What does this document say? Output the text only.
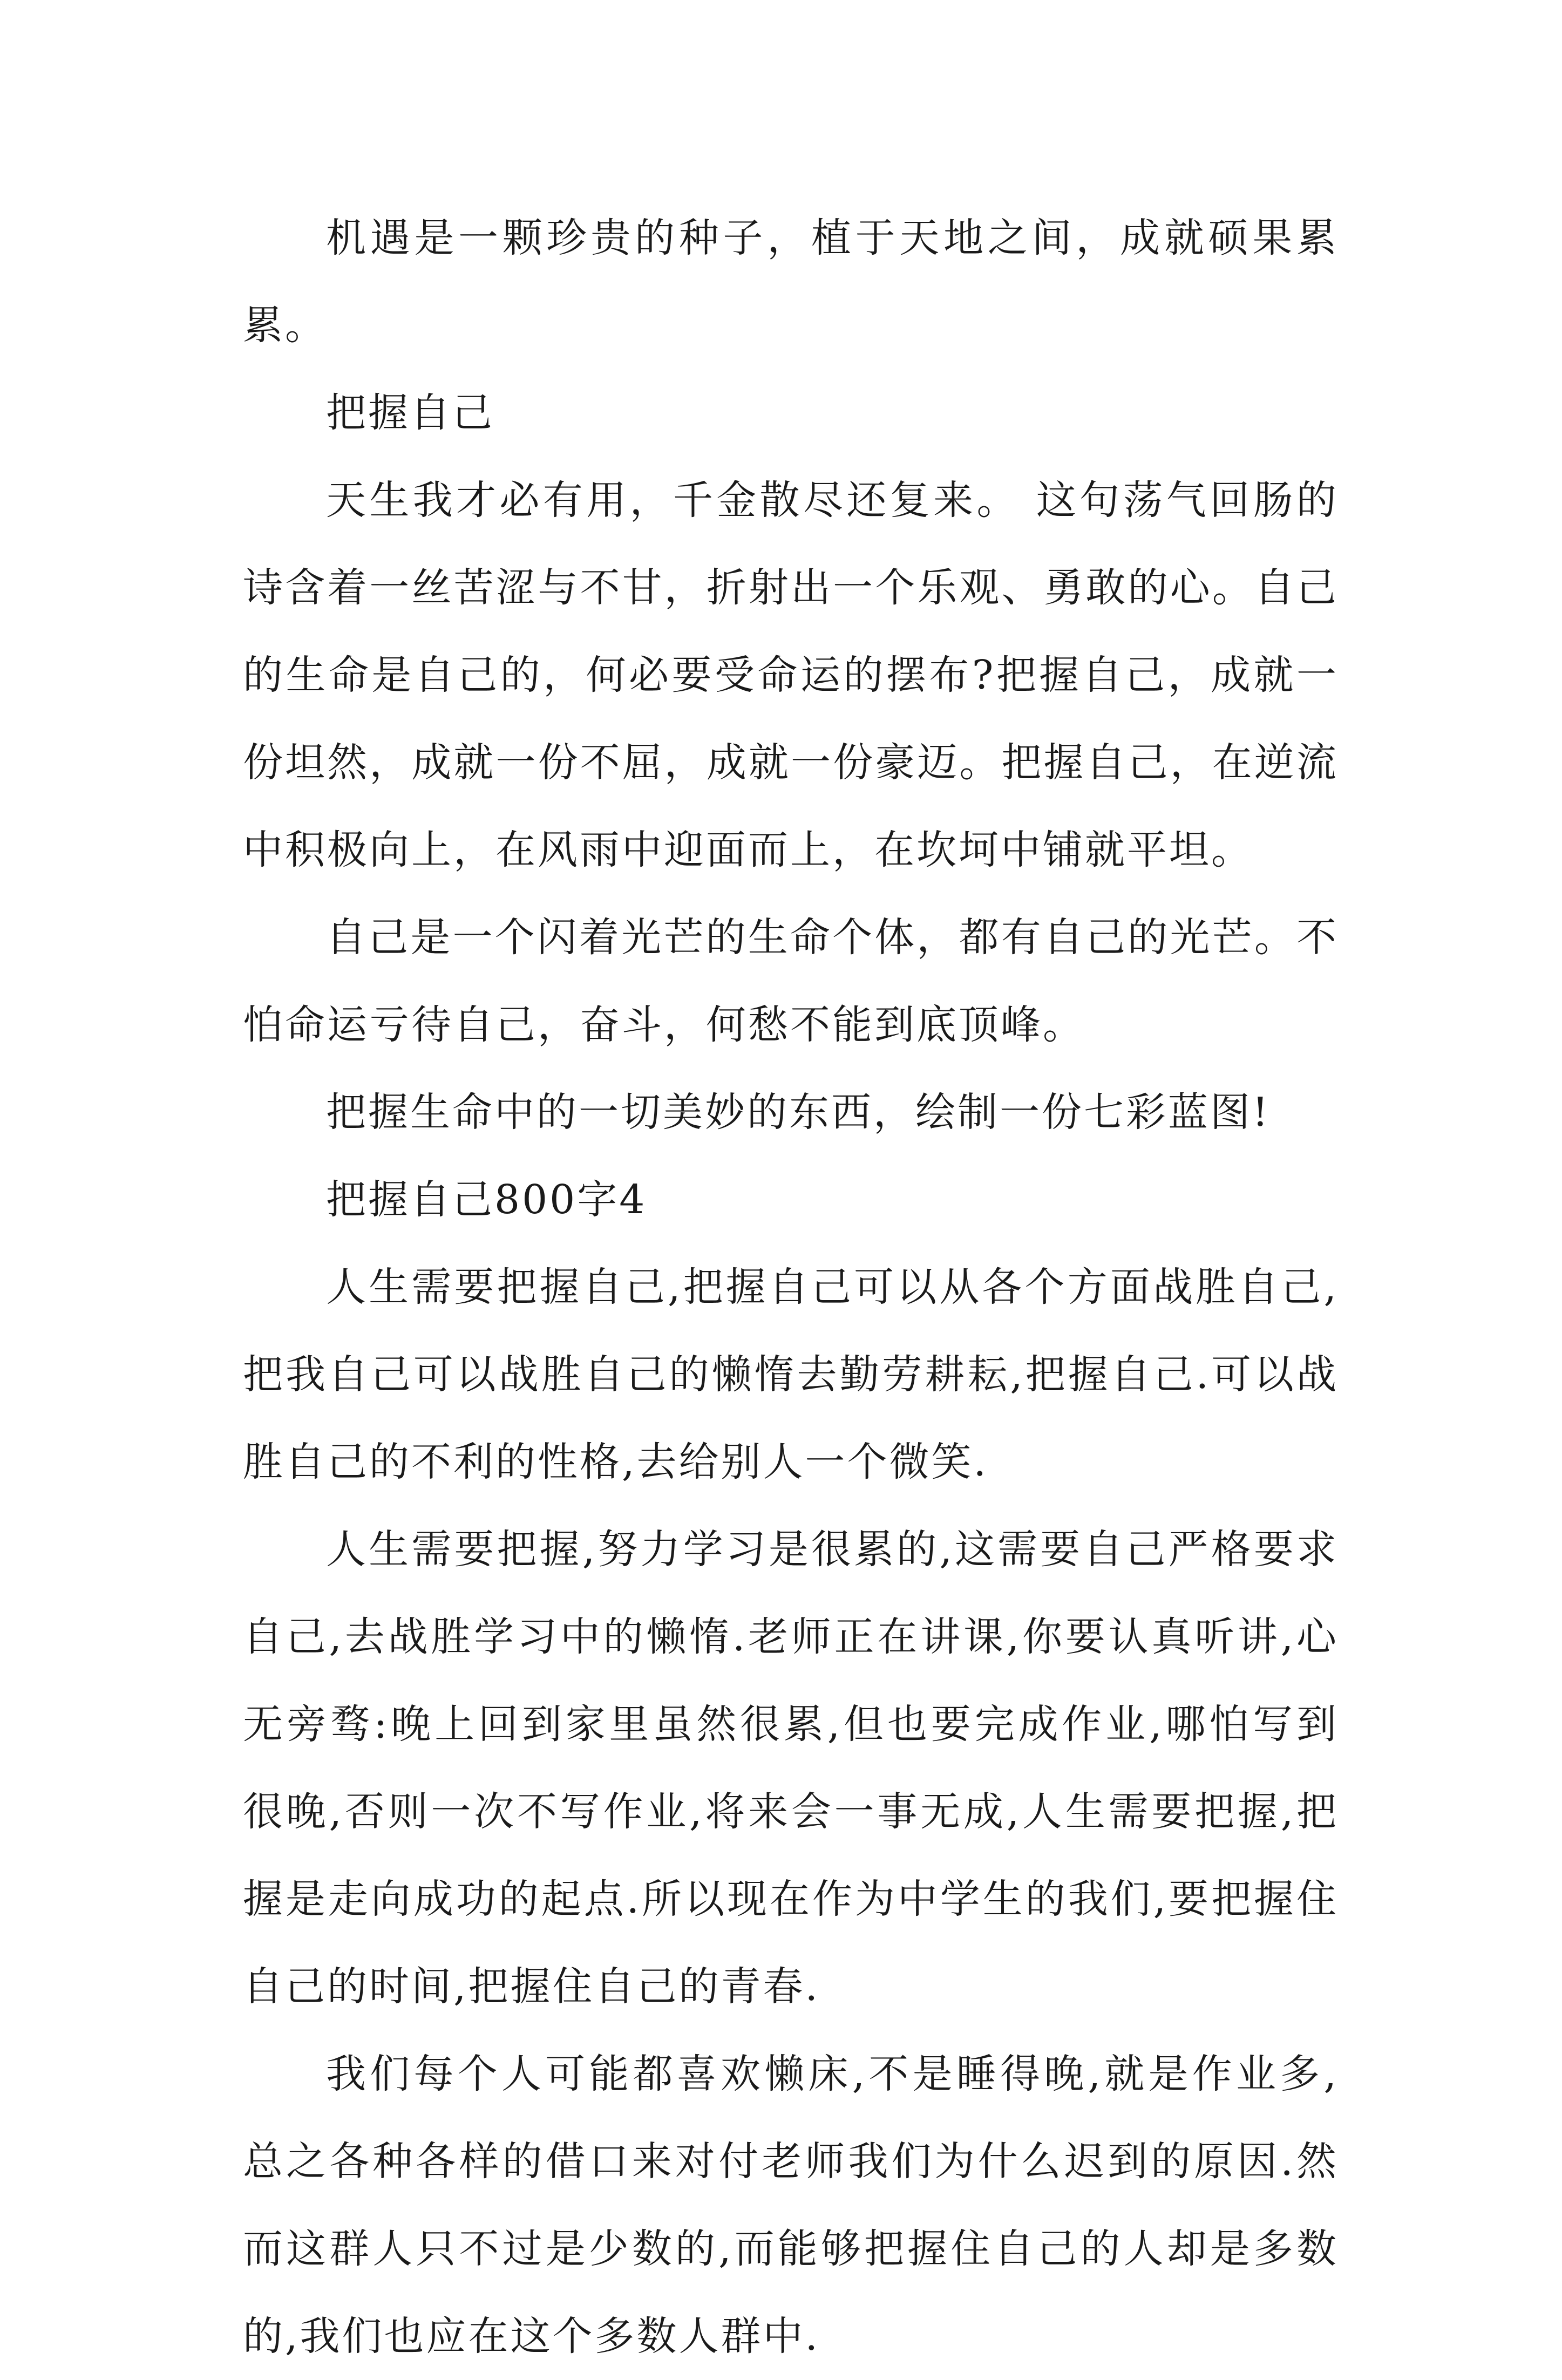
机遇是一颗珍贵的种子，植于天地之间，成就硕果累累。

把握自己

天生我才必有用，千金散尽还复来。 这句荡气回肠的诗含着一丝苦涩与不甘，折射出一个乐观、勇敢的心。自己的生命是自己的，何必要受命运的摆布?把握自己，成就一份坦然，成就一份不屈，成就一份豪迈。把握自己，在逆流中积极向上，在风雨中迎面而上，在坎坷中铺就平坦。

自己是一个闪着光芒的生命个体，都有自己的光芒。不怕命运亏待自己，奋斗，何愁不能到底顶峰。

把握生命中的一切美妙的东西，绘制一份七彩蓝图!

把握自己800字4

人生需要把握自己,把握自己可以从各个方面战胜自己,把我自己可以战胜自己的懒惰去勤劳耕耘,把握自己.可以战胜自己的不利的性格,去给别人一个微笑.

人生需要把握,努力学习是很累的,这需要自己严格要求自己,去战胜学习中的懒惰.老师正在讲课,你要认真听讲,心无旁骛:晚上回到家里虽然很累,但也要完成作业,哪怕写到很晚,否则一次不写作业,将来会一事无成,人生需要把握,把握是走向成功的起点.所以现在作为中学生的我们,要把握住自己的时间,把握住自己的青春.

我们每个人可能都喜欢懒床,不是睡得晚,就是作业多,总之各种各样的借口来对付老师我们为什么迟到的原因.然而这群人只不过是少数的,而能够把握住自己的人却是多数的,我们也应在这个多数人群中.
